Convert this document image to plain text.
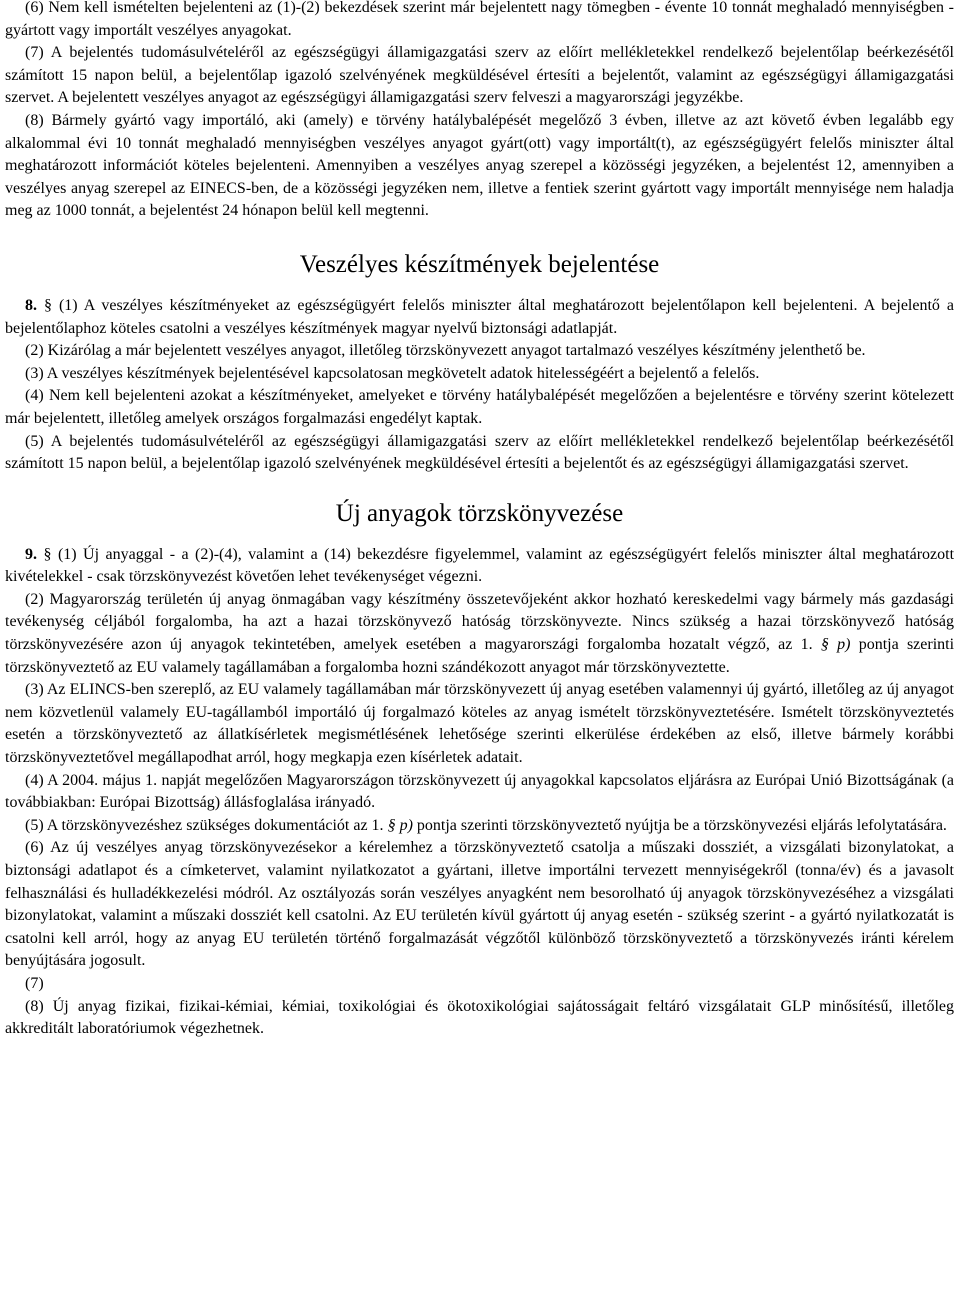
(6) Nem kell ismételten bejelenteni az (1)-(2) bekezdések szerint már bejelentett nagy tömegben - évente 10 tonnát meghaladó mennyiségben - gyártott vagy importált veszélyes anyagokat.

(7) A bejelentés tudomásulvételéről az egészségügyi államigazgatási szerv az előírt mellékletekkel rendelkező bejelentőlap beérkezésétől számított 15 napon belül, a bejelentőlap igazoló szelvényének megküldésével értesíti a bejelentőt, valamint az egészségügyi államigazgatási szervet. A bejelentett veszélyes anyagot az egészségügyi államigazgatási szerv felveszi a magyarországi jegyzékbe.

(8) Bármely gyártó vagy importáló, aki (amely) e törvény hatálybalépését megelőző 3 évben, illetve az azt követő évben legalább egy alkalommal évi 10 tonnát meghaladó mennyiségben veszélyes anyagot gyárt(ott) vagy importált(t), az egészségügyért felelős miniszter által meghatározott információt köteles bejelenteni. Amennyiben a veszélyes anyag szerepel a közösségi jegyzéken, a bejelentést 12, amennyiben a veszélyes anyag szerepel az EINECS-ben, de a közösségi jegyzéken nem, illetve a fentiek szerint gyártott vagy importált mennyisége nem haladja meg az 1000 tonnát, a bejelentést 24 hónapon belül kell megtenni.

Veszélyes készítmények bejelentése

8. § (1) A veszélyes készítményeket az egészségügyért felelős miniszter által meghatározott bejelentőlapon kell bejelenteni. A bejelentő a bejelentőlaphoz köteles csatolni a veszélyes készítmények magyar nyelvű biztonsági adatlapját.

(2) Kizárólag a már bejelentett veszélyes anyagot, illetőleg törzskönyvezett anyagot tartalmazó veszélyes készítmény jelenthető be.

(3) A veszélyes készítmények bejelentésével kapcsolatosan megkövetelt adatok hitelességéért a bejelentő a felelős.

(4) Nem kell bejelenteni azokat a készítményeket, amelyeket e törvény hatálybalépését megelőzően a bejelentésre e törvény szerint kötelezett már bejelentett, illetőleg amelyek országos forgalmazási engedélyt kaptak.

(5) A bejelentés tudomásulvételéről az egészségügyi államigazgatási szerv az előírt mellékletekkel rendelkező bejelentőlap beérkezésétől számított 15 napon belül, a bejelentőlap igazoló szelvényének megküldésével értesíti a bejelentőt és az egészségügyi államigazgatási szervet.

Új anyagok törzskönyvezése

9. § (1) Új anyaggal - a (2)-(4), valamint a (14) bekezdésre figyelemmel, valamint az egészségügyért felelős miniszter által meghatározott kivételekkel - csak törzskönyvezést követően lehet tevékenységet végezni.

(2) Magyarország területén új anyag önmagában vagy készítmény összetevőjeként akkor hozható kereskedelmi vagy bármely más gazdasági tevékenység céljából forgalomba, ha azt a hazai törzskönyvező hatóság törzskönyvezte. Nincs szükség a hazai törzskönyvező hatóság törzskönyvezésére azon új anyagok tekintetében, amelyek esetében a magyarországi forgalomba hozatalt végző, az 1. § p) pontja szerinti törzskönyveztető az EU valamely tagállamában a forgalomba hozni szándékozott anyagot már törzskönyveztette.

(3) Az ELINCS-ben szereplő, az EU valamely tagállamában már törzskönyvezett új anyag esetében valamennyi új gyártó, illetőleg az új anyagot nem közvetlenül valamely EU-tagállamból importáló új forgalmazó köteles az anyag ismételt törzskönyveztetésére. Ismételt törzskönyveztetés esetén a törzskönyveztető az állatkísérletek megismétlésének lehetősége szerinti elkerülése érdekében az első, illetve bármely korábbi törzskönyveztetővel megállapodhat arról, hogy megkapja ezen kísérletek adatait.

(4) A 2004. május 1. napját megelőzően Magyarországon törzskönyvezett új anyagokkal kapcsolatos eljárásra az Európai Unió Bizottságának (a továbbiakban: Európai Bizottság) állásfoglalása irányadó.

(5) A törzskönyvezéshez szükséges dokumentációt az 1. § p) pontja szerinti törzskönyveztető nyújtja be a törzskönyvezési eljárás lefolytatására.

(6) Az új veszélyes anyag törzskönyvezésekor a kérelemhez a törzskönyveztető csatolja a műszaki dossziét, a vizsgálati bizonylatokat, a biztonsági adatlapot és a címketervet, valamint nyilatkozatot a gyártani, illetve importálni tervezett mennyiségekről (tonna/év) és a javasolt felhasználási és hulladékkezelési módról. Az osztályozás során veszélyes anyagként nem besorolható új anyagok törzskönyvezéséhez a vizsgálati bizonylatokat, valamint a műszaki dossziét kell csatolni. Az EU területén kívül gyártott új anyag esetén - szükség szerint - a gyártó nyilatkozatát is csatolni kell arról, hogy az anyag EU területén történő forgalmazását végzőtől különböző törzskönyveztető a törzskönyvezés iránti kérelem benyújtására jogosult.

(7)

(8) Új anyag fizikai, fizikai-kémiai, kémiai, toxikológiai és ökotoxikológiai sajátosságait feltáró vizsgálatait GLP minősítésű, illetőleg akkreditált laboratóriumok végezhetnek.
